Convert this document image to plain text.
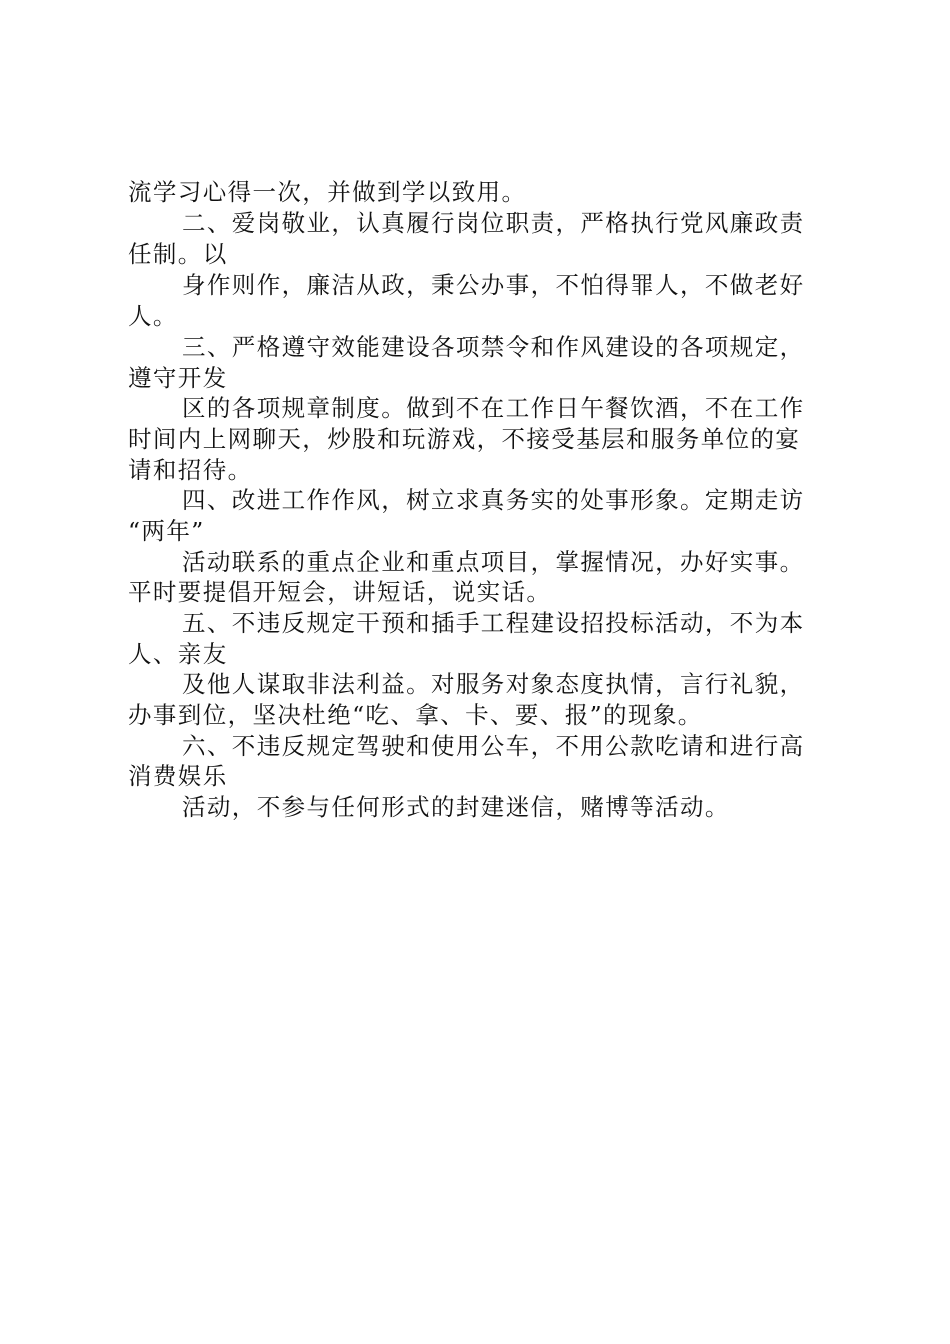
流学习心得一次，并做到学以致用。
二、爱岗敬业，认真履行岗位职责，严格执行党风廉政责
任制。以
身作则作，廉洁从政，秉公办事，不怕得罪人，不做老好
人。
三、严格遵守效能建设各项禁令和作风建设的各项规定，
遵守开发
区的各项规章制度。做到不在工作日午餐饮酒，不在工作
时间内上网聊天，炒股和玩游戏，不接受基层和服务单位的宴
请和招待。
四、改进工作作风，树立求真务实的处事形象。定期走访
“两年”
活动联系的重点企业和重点项目，掌握情况，办好实事。
平时要提倡开短会，讲短话，说实话。
五、不违反规定干预和插手工程建设招投标活动，不为本
人、亲友
及他人谋取非法利益。对服务对象态度执情，言行礼貌，
办事到位，坚决杜绝“吃、拿、卡、要、报”的现象。
六、不违反规定驾驶和使用公车，不用公款吃请和进行高
消费娱乐
活动，不参与任何形式的封建迷信，赌博等活动。
